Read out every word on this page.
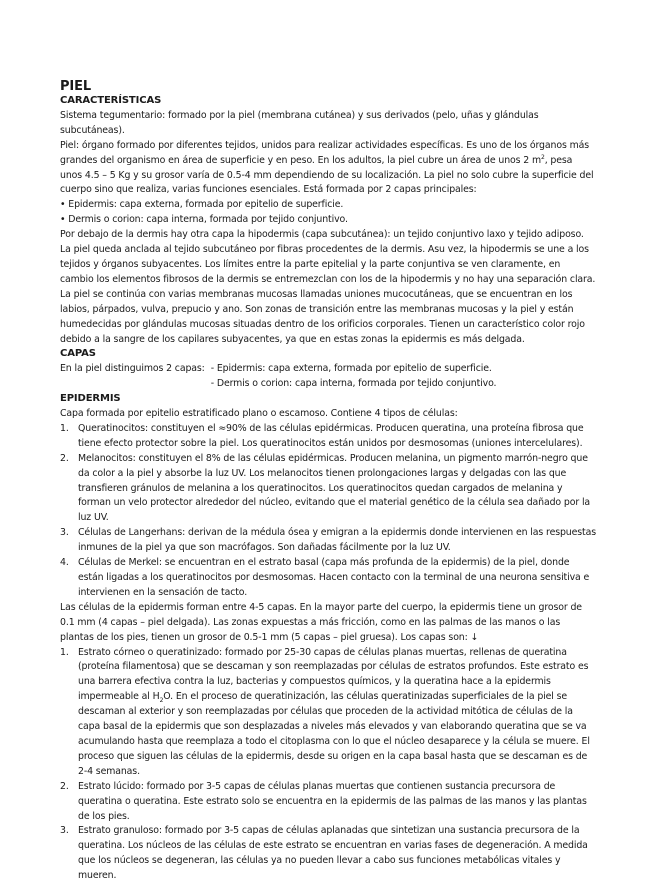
PIEL
CARACTERÍSTICAS

Sistema tegumentario: formado por la piel (membrana cutánea) y sus derivados (pelo, uñas y glándulas subcutáneas).

Piel: órgano formado por diferentes tejidos, unidos para realizar actividades específicas. Es uno de los órganos más grandes del organismo en área de superficie y en peso. En los adultos, la piel cubre un área de unos 2 $m^2$, pesa unos 4.5 – 5 Kg y su grosor varía de 0.5-4 mm dependiendo de su localización. La piel no solo cubre la superficie del cuerpo sino que realiza, varias funciones esenciales. Está formada por 2 capas principales:

• Epidermis: capa externa, formada por epitelio de superficie.
• Dermis o corion: capa interna, formada por tejido conjuntivo.

Por debajo de la dermis hay otra capa la hipodermis (capa subcutánea): un tejido conjuntivo laxo y tejido adiposo. La piel queda anclada al tejido subcutáneo por fibras procedentes de la dermis. Asu vez, la hipodermis se une a los tejidos y órganos subyacentes. Los límites entre la parte epitelial y la parte conjuntiva se ven claramente, en cambio los elementos fibrosos de la dermis se entremezclan con los de la hipodermis y no hay una separación clara.

La piel se continúa con varias membranas mucosas llamadas uniones mucocutáneas, que se encuentran en los labios, párpados, vulva, prepucio y ano. Son zonas de transición entre las membranas mucosas y la piel y están humedecidas por glándulas mucosas situadas dentro de los orificios corporales. Tienen un característico color rojo debido a la sangre de los capilares subyacentes, ya que en estas zonas la epidermis es más delgada.

CAPAS
En la piel distinguimos 2 capas: - Epidermis: capa externa, formada por epitelio de superficie.
- Dermis o corion: capa interna, formada por tejido conjuntivo.
EPIDERMIS

Capa formada por epitelio estratificado plano o escamoso. Contiene 4 tipos de células:

1. Queratinocitos: constituyen el ≈90% de las células epidérmicas. Producen queratina, una proteína fibrosa que tiene efecto protector sobre la piel. Los queratinocitos están unidos por desmosomas (uniones intercelulares).
2. Melanocitos: constituyen el 8% de las células epidérmicas. Producen melanina, un pigmento marrón-negro que da color a la piel y absorbe la luz UV. Los melanocitos tienen prolongaciones largas y delgadas con las que transfieren gránulos de melanina a los queratinocitos. Los queratinocitos quedan cargados de melanina y forman un velo protector alrededor del núcleo, evitando que el material genético de la célula sea dañado por la luz UV.
3. Células de Langerhans: derivan de la médula ósea y emigran a la epidermis donde intervienen en las respuestas inmunes de la piel ya que son macrófagos. Son dañadas fácilmente por la luz UV.
4. Células de Merkel: se encuentran en el estrato basal (capa más profunda de la epidermis) de la piel, donde están ligadas a los queratinocitos por desmosomas. Hacen contacto con la terminal de una neurona sensitiva e intervienen en la sensación de tacto.

Las células de la epidermis forman entre 4-5 capas. En la mayor parte del cuerpo, la epidermis tiene un grosor de 0.1 mm (4 capas – piel delgada). Las zonas expuestas a más fricción, como en las palmas de las manos o las plantas de los pies, tienen un grosor de 0.5-1 mm (5 capas – piel gruesa). Los capas son: ↓

1. Estrato córneo o queratinizado: formado por 25-30 capas de células planas muertas, rellenas de queratina (proteína filamentosa) que se descaman y son reemplazadas por células de estratos profundos. Este estrato es una barrera efectiva contra la luz, bacterias y compuestos químicos, y la queratina hace a la epidermis impermeable al $H_2O$. En el proceso de queratinización, las células queratinizadas superficiales de la piel se descaman al exterior y son reemplazadas por células que proceden de la actividad mitótica de células de la capa basal de la epidermis que son desplazadas a niveles más elevados y van elaborando queratina que se va acumulando hasta que reemplaza a todo el citoplasma con lo que el núcleo desaparece y la célula se muere. El proceso que siguen las células de la epidermis, desde su origen en la capa basal hasta que se descaman es de 2-4 semanas.
2. Estrato lúcido: formado por 3-5 capas de células planas muertas que contienen sustancia precursora de queratina o queratina. Este estrato solo se encuentra en la epidermis de las palmas de las manos y las plantas de los pies.
3. Estrato granuloso: formado por 3-5 capas de células aplanadas que sintetizan una sustancia precursora de la queratina. Los núcleos de las células de este estrato se encuentran en varias fases de degeneración. A medida que los núcleos se degeneran, las células ya no pueden llevar a cabo sus funciones metabólicas vitales y mueren.
